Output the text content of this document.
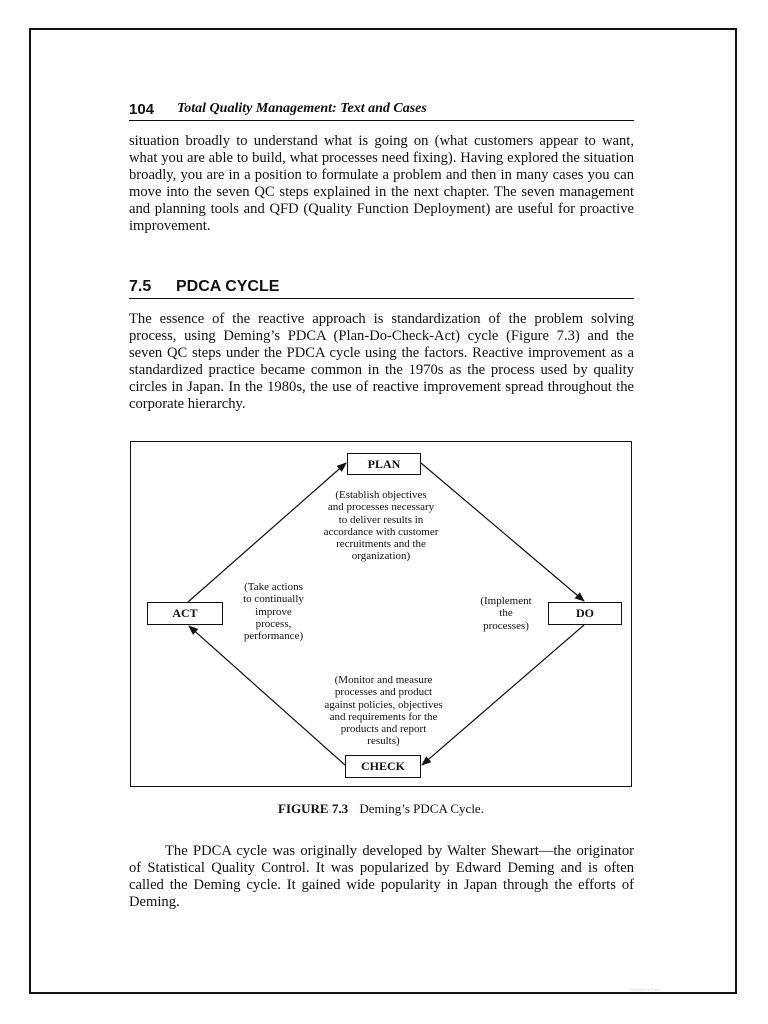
104 Total Quality Management: Text and Cases
situation broadly to understand what is going on (what customers appear to want, what you are able to build, what processes need fixing). Having explored the situation broadly, you are in a position to formulate a problem and then in many cases you can move into the seven QC steps explained in the next chapter. The seven management and planning tools and QFD (Quality Function Deployment) are useful for proactive improvement.
7.5 PDCA CYCLE
The essence of the reactive approach is standardization of the problem solving process, using Deming’s PDCA (Plan-Do-Check-Act) cycle (Figure 7.3) and the seven QC steps under the PDCA cycle using the factors. Reactive improvement as a standardized practice became common in the 1970s as the process used by quality circles in Japan. In the 1980s, the use of reactive improvement spread throughout the corporate hierarchy.
PLAN
ACT	DO
CHECK
(Establish objectives
and processes necessary
to deliver results in
accordance with customer
recruitments and the
organization)
(Take actions
to continually
improve
process,
performance)
(Implement
the
processes)
(Monitor and measure
processes and product
against policies, objectives
and requirements for the
products and report
results)
FIGURE 7.3 Deming’s PDCA Cycle.
The PDCA cycle was originally developed by Walter Shewart—the originator of Statistical Quality Control. It was popularized by Edward Deming and is often called the Deming cycle. It gained wide popularity in Japan through the efforts of Deming.
Preview for Free
